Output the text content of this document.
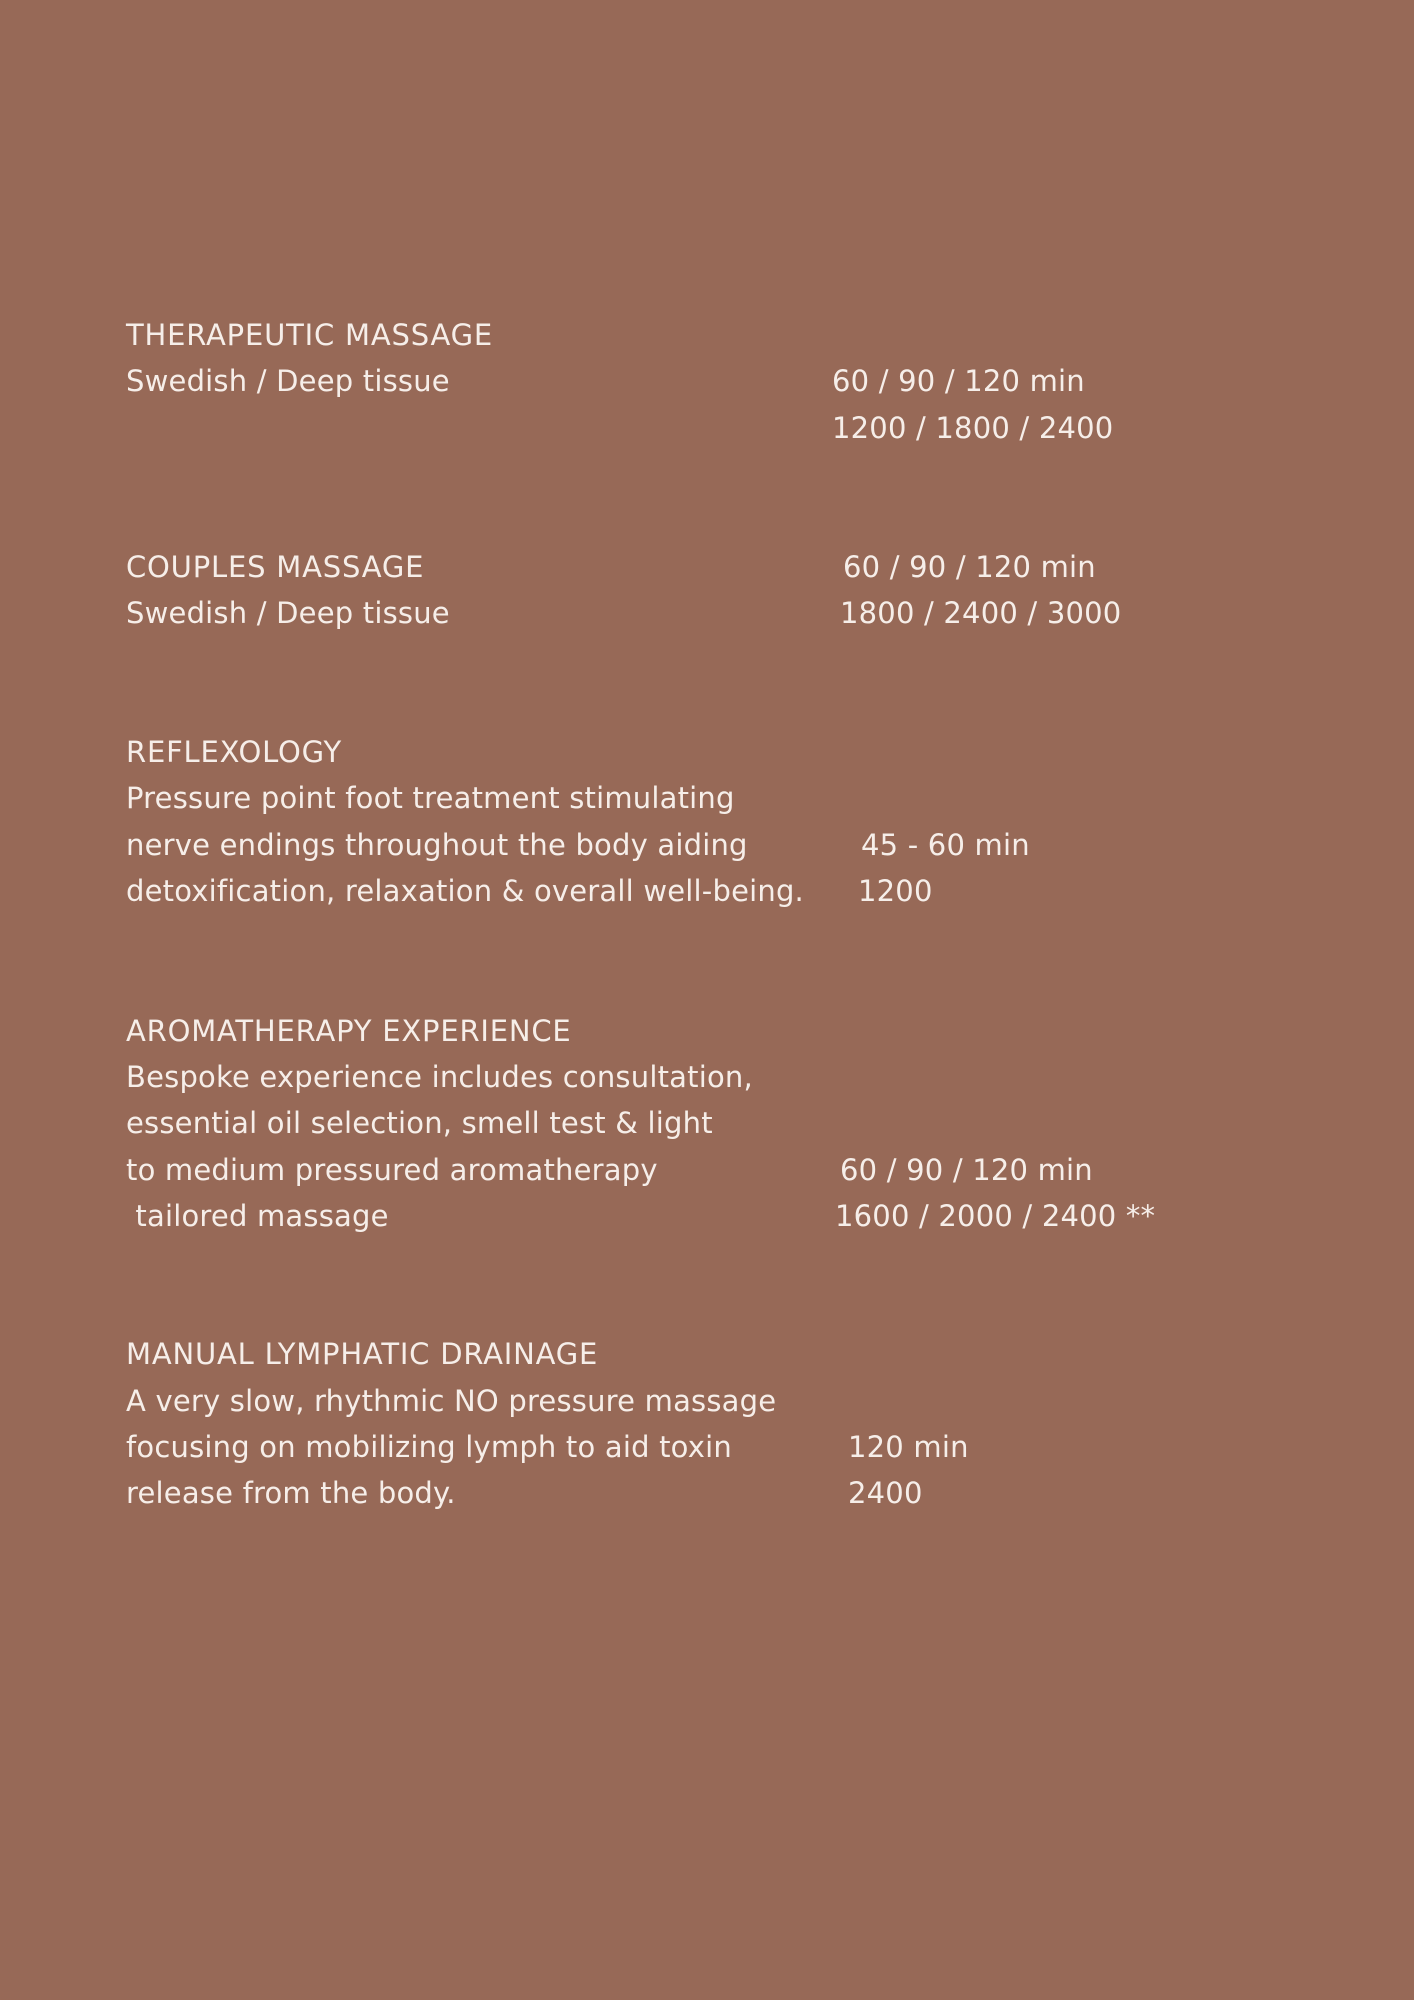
THERAPEUTIC MASSAGE
Swedish / Deep tissue	60 / 90 / 120 min
1200 / 1800 / 2400
COUPLES MASSAGE
Swedish / Deep tissue
60 / 90 / 120 min
1800 / 2400 / 3000
REFLEXOLOGY
Pressure point foot treatment stimulating
nerve endings throughout the body aiding
detoxification, relaxation & overall well-being.
45 - 60 min
1200
AROMATHERAPY EXPERIENCE
Bespoke experience includes consultation,
essential oil selection, smell test & light
to medium pressured aromatherapy
tailored massage
60 / 90 / 120 min
1600 / 2000 / 2400 **
MANUAL LYMPHATIC DRAINAGE
A very slow, rhythmic NO pressure massage
focusing on mobilizing lymph to aid toxin
release from the body.
120 min
2400
